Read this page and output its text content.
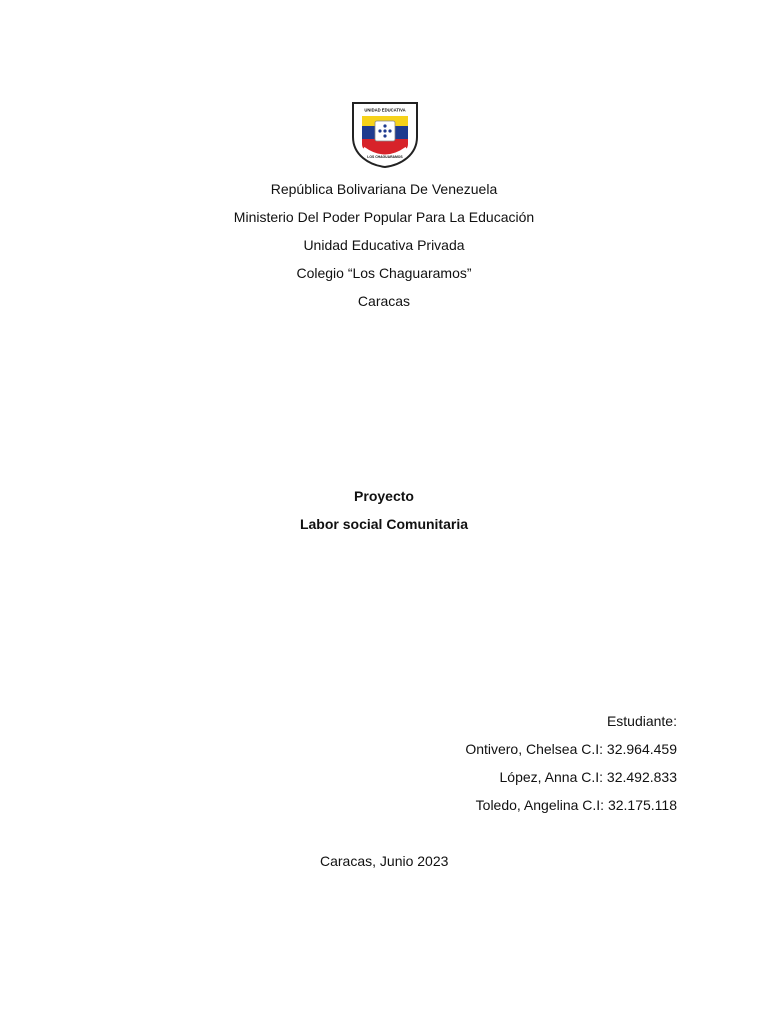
UNIDAD EDUCATIVA
LOS CHAGUARAMOS
República Bolivariana De Venezuela
Ministerio Del Poder Popular Para La Educación
Unidad Educativa Privada
Colegio “Los Chaguaramos”
Caracas
Proyecto
Labor social Comunitaria
Estudiante:
Ontivero, Chelsea C.I: 32.964.459
López, Anna C.I: 32.492.833
Toledo, Angelina C.I: 32.175.118
Caracas, Junio 2023
